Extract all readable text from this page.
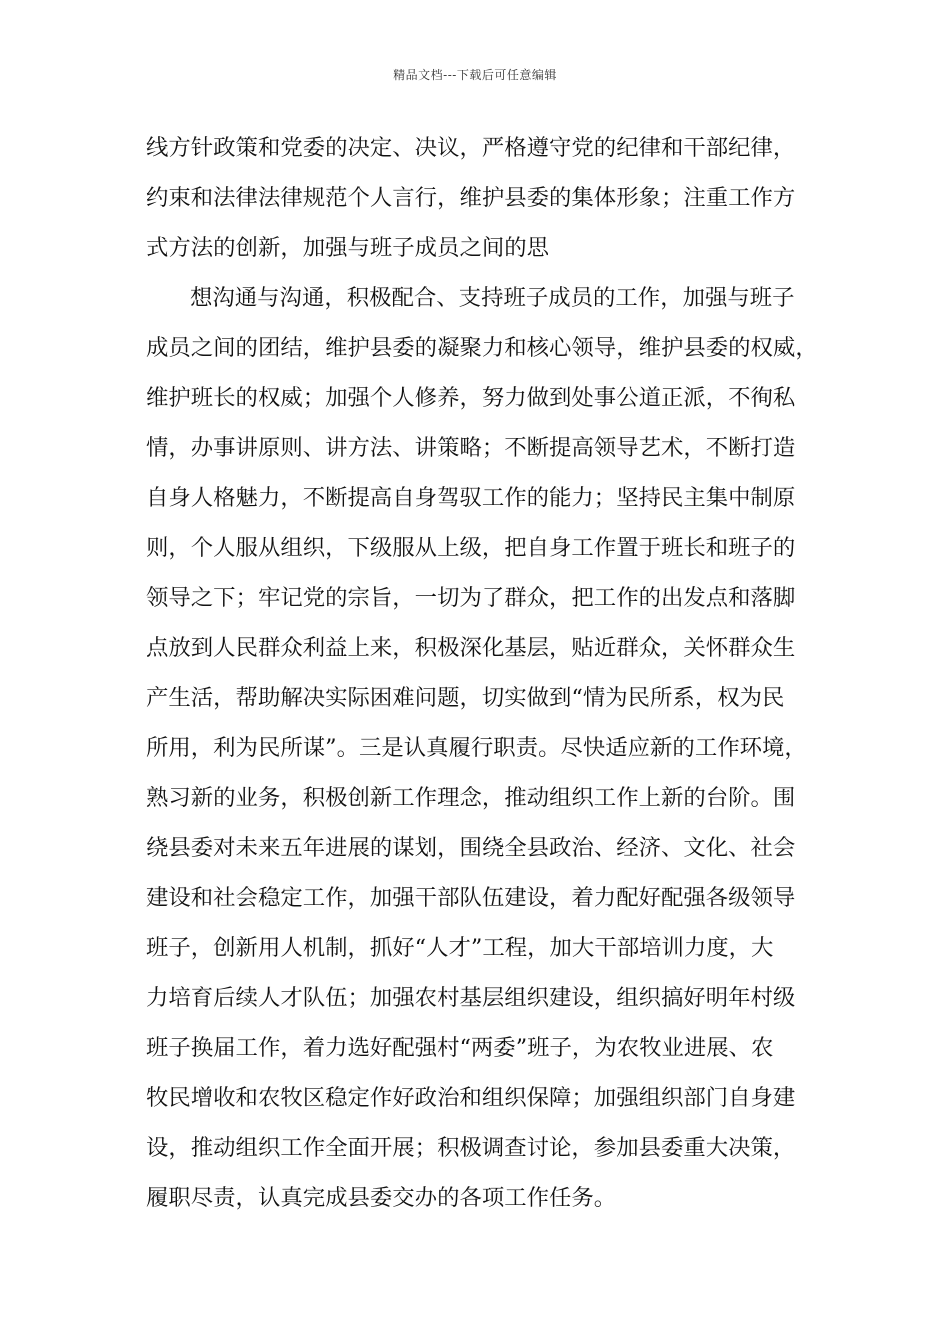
精品文档---下载后可任意编辑
线方针政策和党委的决定、决议，严格遵守党的纪律和干部纪律，
约束和法律法律规范个人言行，维护县委的集体形象；注重工作方
式方法的创新，加强与班子成员之间的思
想沟通与沟通，积极配合、支持班子成员的工作，加强与班子
成员之间的团结，维护县委的凝聚力和核心领导，维护县委的权威，
维护班长的权威；加强个人修养，努力做到处事公道正派，不徇私
情，办事讲原则、讲方法、讲策略；不断提高领导艺术，不断打造
自身人格魅力，不断提高自身驾驭工作的能力；坚持民主集中制原
则，个人服从组织，下级服从上级，把自身工作置于班长和班子的
领导之下；牢记党的宗旨，一切为了群众，把工作的出发点和落脚
点放到人民群众利益上来，积极深化基层，贴近群众，关怀群众生
产生活，帮助解决实际困难问题，切实做到“情为民所系，权为民
所用，利为民所谋”。三是认真履行职责。尽快适应新的工作环境，
熟习新的业务，积极创新工作理念，推动组织工作上新的台阶。围
绕县委对未来五年进展的谋划，围绕全县政治、经济、文化、社会
建设和社会稳定工作，加强干部队伍建设，着力配好配强各级领导
班子，创新用人机制，抓好“人才”工程，加大干部培训力度，大
力培育后续人才队伍；加强农村基层组织建设，组织搞好明年村级
班子换届工作，着力选好配强村“两委”班子，为农牧业进展、农
牧民增收和农牧区稳定作好政治和组织保障；加强组织部门自身建
设，推动组织工作全面开展；积极调查讨论，参加县委重大决策，
履职尽责，认真完成县委交办的各项工作任务。
